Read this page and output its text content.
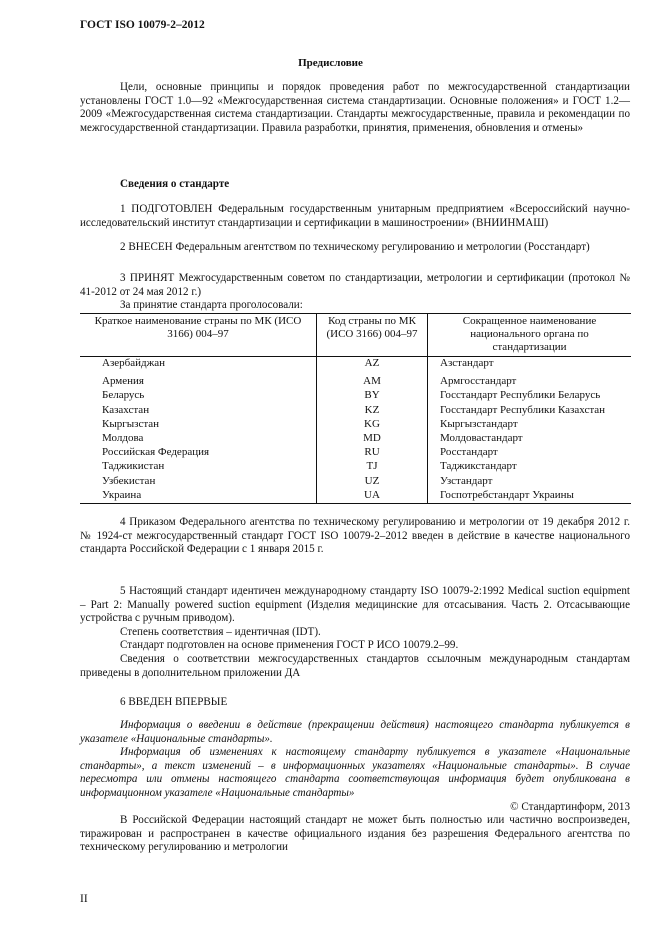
ГОСТ ISO 10079-2–2012
Предисловие

Цели, основные принципы и порядок проведения работ по межгосударственной стандартизации установлены ГОСТ 1.0—92 «Межгосударственная система стандартизации. Основные положения» и ГОСТ 1.2—2009 «Межгосударственная система стандартизации. Стандарты межгосударственные, правила и рекомендации по межгосударственной стандартизации. Правила разработки, принятия, применения, обновления и отмены»

Сведения о стандарте

1 ПОДГОТОВЛЕН Федеральным государственным унитарным предприятием «Всероссийский научно-исследовательский институт стандартизации и сертификации в машиностроении» (ВНИИНМАШ)

2 ВНЕСЕН Федеральным агентством по техническому регулированию и метрологии (Росстандарт)

3 ПРИНЯТ Межгосударственным советом по стандартизации, метрологии и сертификации (протокол № 41-2012 от 24 мая 2012 г.)

За принятие стандарта проголосовали:

Краткое наименование страны по МК (ИСО 3166) 004–97	Код страны по МК (ИСО 3166) 004–97	Сокращенное наименование национального органа по стандартизации
Азербайджан	AZ	Азстандарт
Армения	AM	Армгосстандарт
Беларусь	BY	Госстандарт Республики Беларусь
Казахстан	KZ	Госстандарт Республики Казахстан
Кыргызстан	KG	Кыргызстандарт
Молдова	MD	Молдовастандарт
Российская Федерация	RU	Росстандарт
Таджикистан	TJ	Таджикстандарт
Узбекистан	UZ	Узстандарт
Украина	UA	Госпотребстандарт Украины

4 Приказом Федерального агентства по техническому регулированию и метрологии от 19 декабря 2012 г. № 1924-ст межгосударственный стандарт ГОСТ ISO 10079-2–2012 введен в действие в качестве национального стандарта Российской Федерации с 1 января 2015 г.

5 Настоящий стандарт идентичен международному стандарту ISO 10079-2:1992 Medical suction equipment – Part 2: Manually powered suction equipment (Изделия медицинские для отсасывания. Часть 2. Отсасывающие устройства с ручным приводом).

Степень соответствия – идентичная (IDT).

Стандарт подготовлен на основе применения ГОСТ Р ИСО 10079.2–99.

Сведения о соответствии межгосударственных стандартов ссылочным международным стандартам приведены в дополнительном приложении ДА

6 ВВЕДЕН ВПЕРВЫЕ

Информация о введении в действие (прекращении действия) настоящего стандарта публикуется в указателе «Национальные стандарты».

Информация об изменениях к настоящему стандарту публикуется в указателе «Национальные стандарты», а текст изменений – в информационных указателях «Национальные стандарты». В случае пересмотра или отмены настоящего стандарта соответствующая информация будет опубликована в информационном указателе «Национальные стандарты»

© Стандартинформ, 2013

В Российской Федерации настоящий стандарт не может быть полностью или частично воспроизведен, тиражирован и распространен в качестве официального издания без разрешения Федерального агентства по техническому регулированию и метрологии

II
